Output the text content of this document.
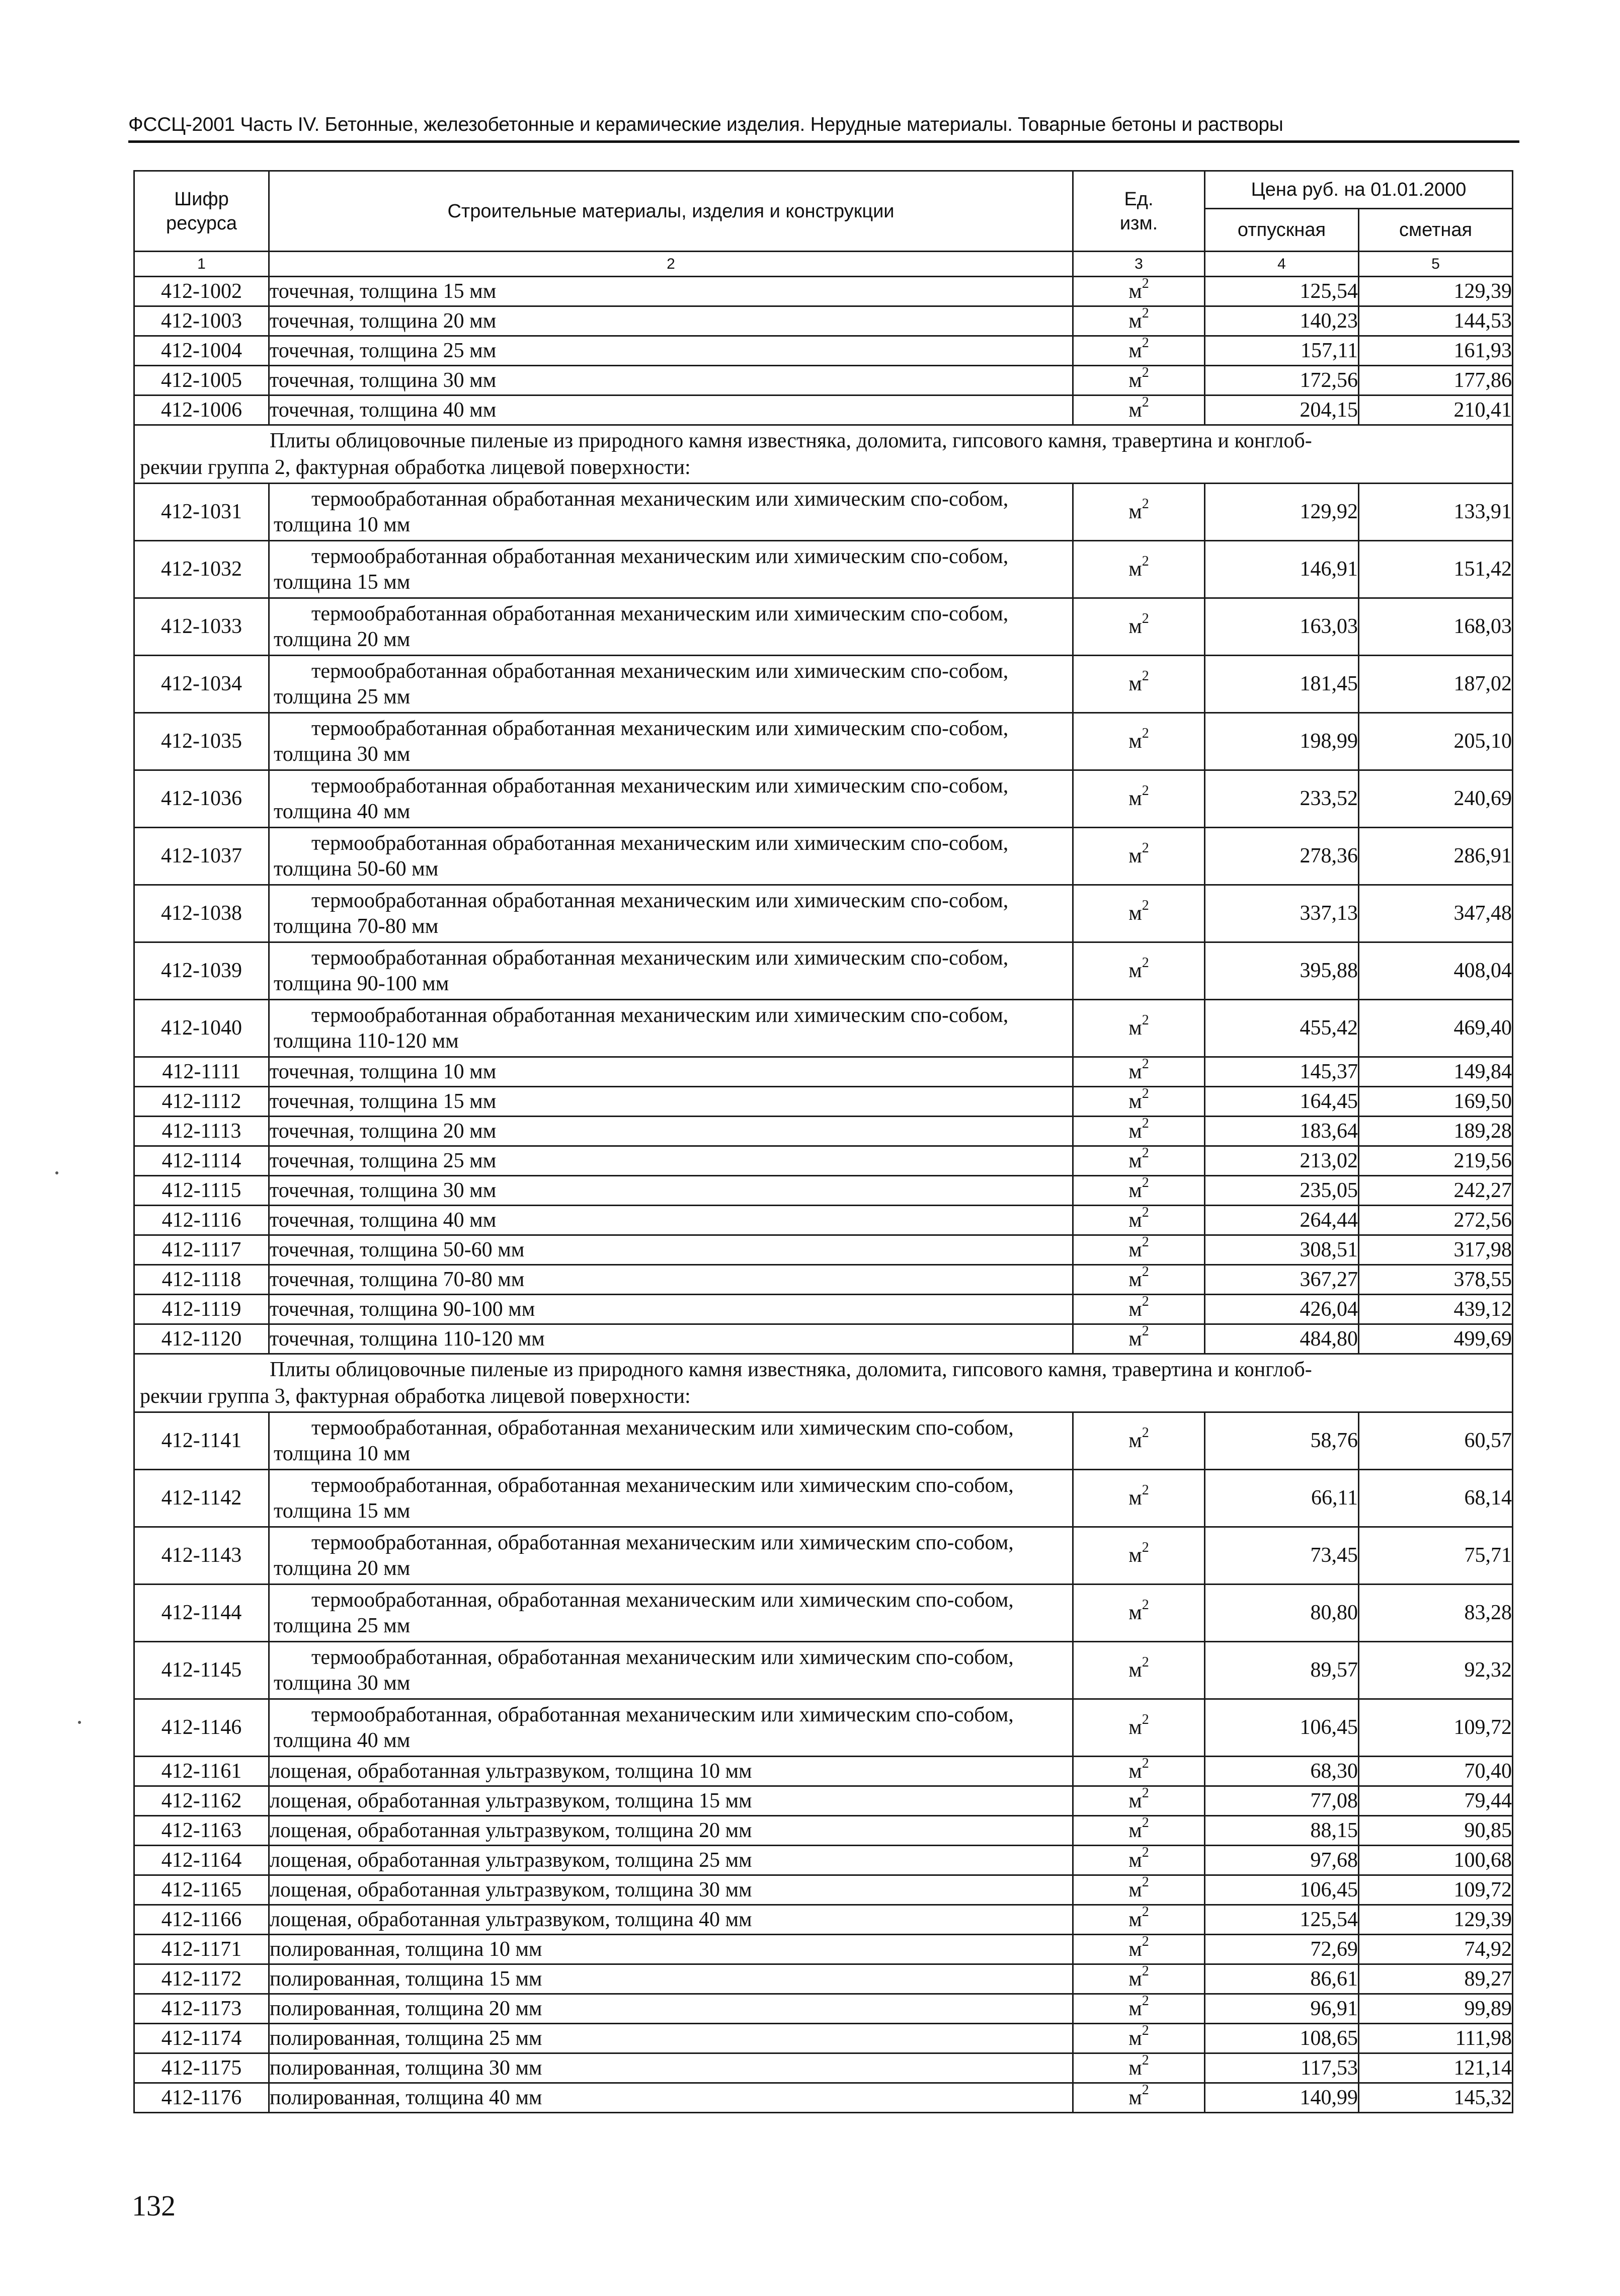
ФССЦ-2001 Часть IV. Бетонные, железобетонные и керамические изделия. Нерудные материалы. Товарные бетоны и растворы
Шифр ресурса	Строительные материалы, изделия и конструкции	Ед. изм.	Цена руб. на 01.01.2000	
			отпускная	сметная
1	2	3	4	5
412-1002	точечная, толщина 15 мм	$м^2$	125,54	129,39
412-1003	точечная, толщина 20 мм	$м^2$	140,23	144,53
412-1004	точечная, толщина 25 мм	$м^2$	157,11	161,93
412-1005	точечная, толщина 30 мм	$м^2$	172,56	177,86
412-1006	точечная, толщина 40 мм	$м^2$	204,15	210,41

Плиты облицовочные пиленые из природного камня известняка, доломита, гипсового камня, травертина и конглоб-
рекчии группа 2, фактурная обработка лицевой поверхности:				

412-1031	термообработанная обработанная механическим или химическим спо-собом, толщина 10 мм	$м^2$	129,92	133,91
412-1032	термообработанная обработанная механическим или химическим спо-собом, толщина 15 мм	$м^2$	146,91	151,42
412-1033	термообработанная обработанная механическим или химическим спо-собом, толщина 20 мм	$м^2$	163,03	168,03
412-1034	термообработанная обработанная механическим или химическим спо-собом, толщина 25 мм	$м^2$	181,45	187,02
412-1035	термообработанная обработанная механическим или химическим спо-собом, толщина 30 мм	$м^2$	198,99	205,10
412-1036	термообработанная обработанная механическим или химическим спо-собом, толщина 40 мм	$м^2$	233,52	240,69
412-1037	термообработанная обработанная механическим или химическим спо-собом, толщина 50-60 мм	$м^2$	278,36	286,91
412-1038	термообработанная обработанная механическим или химическим спо-собом, толщина 70-80 мм	$м^2$	337,13	347,48
412-1039	термообработанная обработанная механическим или химическим спо-собом, толщина 90-100 мм	$м^2$	395,88	408,04
412-1040	термообработанная обработанная механическим или химическим спо-собом, толщина 110-120 мм	$м^2$	455,42	469,40
412-1111	точечная, толщина 10 мм	$м^2$	145,37	149,84
412-1112	точечная, толщина 15 мм	$м^2$	164,45	169,50
412-1113	точечная, толщина 20 мм	$м^2$	183,64	189,28
412-1114	точечная, толщина 25 мм	$м^2$	213,02	219,56
412-1115	точечная, толщина 30 мм	$м^2$	235,05	242,27
412-1116	точечная, толщина 40 мм	$м^2$	264,44	272,56
412-1117	точечная, толщина 50-60 мм	$м^2$	308,51	317,98
412-1118	точечная, толщина 70-80 мм	$м^2$	367,27	378,55
412-1119	точечная, толщина 90-100 мм	$м^2$	426,04	439,12
412-1120	точечная, толщина 110-120 мм	$м^2$	484,80	499,69

Плиты облицовочные пиленые из природного камня известняка, доломита, гипсового камня, травертина и конглоб-
рекчии группа 3, фактурная обработка лицевой поверхности:				

412-1141	термообработанная, обработанная механическим или химическим спо-собом, толщина 10 мм	$м^2$	58,76	60,57
412-1142	термообработанная, обработанная механическим или химическим спо-собом, толщина 15 мм	$м^2$	66,11	68,14
412-1143	термообработанная, обработанная механическим или химическим спо-собом, толщина 20 мм	$м^2$	73,45	75,71
412-1144	термообработанная, обработанная механическим или химическим спо-собом, толщина 25 мм	$м^2$	80,80	83,28
412-1145	термообработанная, обработанная механическим или химическим спо-собом, толщина 30 мм	$м^2$	89,57	92,32
412-1146	термообработанная, обработанная механическим или химическим спо-собом, толщина 40 мм	$м^2$	106,45	109,72
412-1161	лощеная, обработанная ультразвуком, толщина 10 мм	$м^2$	68,30	70,40
412-1162	лощеная, обработанная ультразвуком, толщина 15 мм	$м^2$	77,08	79,44
412-1163	лощеная, обработанная ультразвуком, толщина 20 мм	$м^2$	88,15	90,85
412-1164	лощеная, обработанная ультразвуком, толщина 25 мм	$м^2$	97,68	100,68
412-1165	лощеная, обработанная ультразвуком, толщина 30 мм	$м^2$	106,45	109,72
412-1166	лощеная, обработанная ультразвуком, толщина 40 мм	$м^2$	125,54	129,39
412-1171	полированная, толщина 10 мм	$м^2$	72,69	74,92
412-1172	полированная, толщина 15 мм	$м^2$	86,61	89,27
412-1173	полированная, толщина 20 мм	$м^2$	96,91	99,89
412-1174	полированная, толщина 25 мм	$м^2$	108,65	111,98
412-1175	полированная, толщина 30 мм	$м^2$	117,53	121,14
412-1176	полированная, толщина 40 мм	$м^2$	140,99	145,32
132
